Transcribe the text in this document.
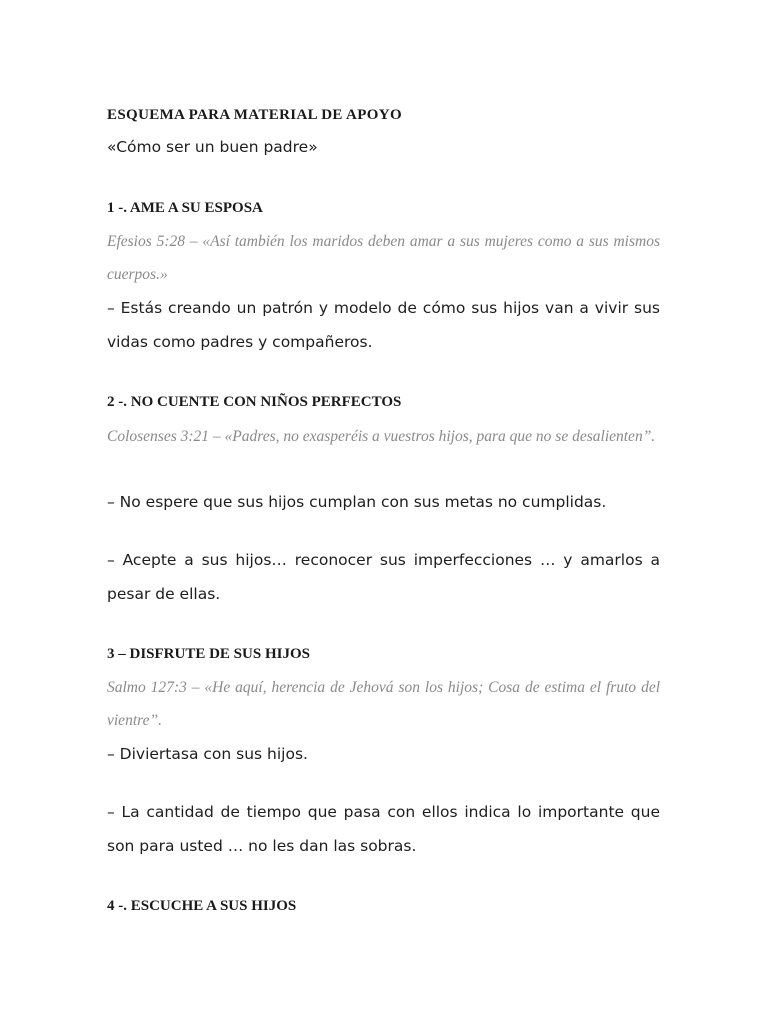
ESQUEMA PARA MATERIAL DE APOYO
«Cómo ser un buen padre»
1 -. AME A SU ESPOSA
Efesios 5:28 – «Así también los maridos deben amar a sus mujeres como a sus mismos cuerpos.»
– Estás creando un patrón y modelo de cómo sus hijos van a vivir sus vidas como padres y compañeros.
2 -. NO CUENTE CON NIÑOS PERFECTOS
Colosenses 3:21 – «Padres, no exasperéis a vuestros hijos, para que no se desalienten”.
– No espere que sus hijos cumplan con sus metas no cumplidas.
– Acepte a sus hijos… reconocer sus imperfecciones … y amarlos a pesar de ellas.
3 – DISFRUTE DE SUS HIJOS
Salmo 127:3 – «He aquí, herencia de Jehová son los hijos; Cosa de estima el fruto del vientre”.
– Diviertasa con sus hijos.
– La cantidad de tiempo que pasa con ellos indica lo importante que son para usted … no les dan las sobras.
4 -. ESCUCHE A SUS HIJOS
